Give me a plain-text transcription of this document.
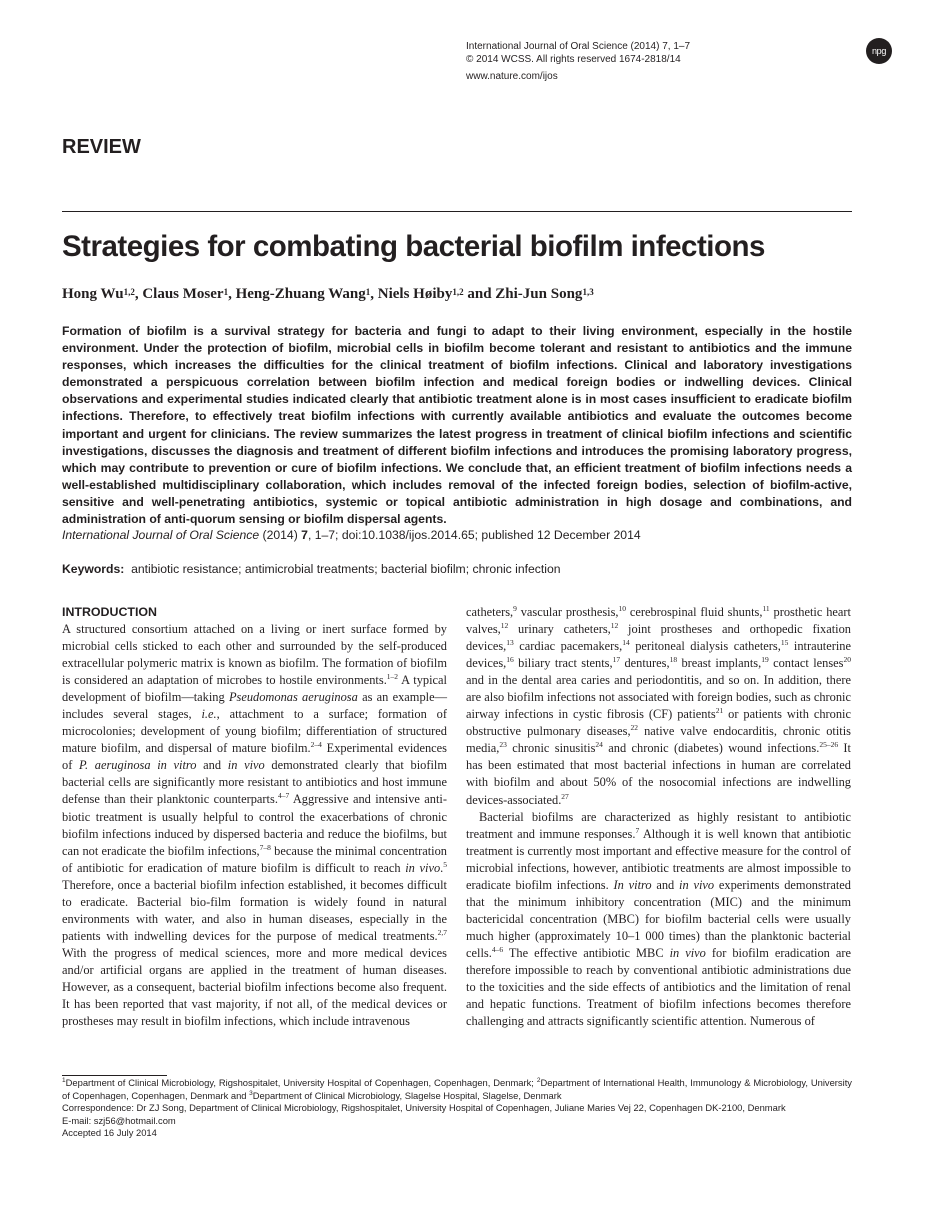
International Journal of Oral Science (2014) 7, 1–7
© 2014 WCSS. All rights reserved 1674-2818/14
www.nature.com/ijos
npg
REVIEW
Strategies for combating bacterial biofilm infections
Hong Wu$^{1,2}$, Claus Moser$^1$, Heng-Zhuang Wang$^1$, Niels Høiby$^{1,2}$ and Zhi-Jun Song$^{1,3}$
Formation of biofilm is a survival strategy for bacteria and fungi to adapt to their living environment, especially in the hostile environment. Under the protection of biofilm, microbial cells in biofilm become tolerant and resistant to antibiotics and the immune responses, which increases the difficulties for the clinical treatment of biofilm infections. Clinical and laboratory investigations demonstrated a perspicuous correlation between biofilm infection and medical foreign bodies or indwelling devices. Clinical observations and experimental studies indicated clearly that antibiotic treatment alone is in most cases insufficient to eradicate biofilm infections. Therefore, to effectively treat biofilm infections with currently available antibiotics and evaluate the outcomes become important and urgent for clinicians. The review summarizes the latest progress in treatment of clinical biofilm infections and scientific investigations, discusses the diagnosis and treatment of different biofilm infections and introduces the promising laboratory progress, which may contribute to prevention or cure of biofilm infections. We conclude that, an efficient treatment of biofilm infections needs a well-established multidisciplinary collaboration, which includes removal of the infected foreign bodies, selection of biofilm-active, sensitive and well-penetrating antibiotics, systemic or topical antibiotic administration in high dosage and combinations, and administration of anti-quorum sensing or biofilm dispersal agents.
International Journal of Oral Science (2014) 7, 1–7; doi:10.1038/ijos.2014.65; published 12 December 2014
Keywords: antibiotic resistance; antimicrobial treatments; bacterial biofilm; chronic infection
INTRODUCTION

A structured consortium attached on a living or inert surface formed by microbial cells sticked to each other and surrounded by the self-produced extracellular polymeric matrix is known as biofilm. The formation of biofilm is considered an adaptation of microbes to hostile environments.$^{1-2}$ A typical development of biofilm—taking Pseudomonas aeruginosa as an example—includes several stages, i.e., attachment to a surface; formation of microcolonies; development of young biofilm; differentiation of structured mature biofilm, and dispersal of mature biofilm.$^{2-4}$ Experimental evidences of P. aeruginosa in vitro and in vivo demonstrated clearly that biofilm bacterial cells are significantly more resistant to antibiotics and host immune defense than their planktonic counterparts.$^{4-7}$ Aggressive and intensive anti-biotic treatment is usually helpful to control the exacerbations of chronic biofilm infections induced by dispersed bacteria and reduce the biofilms, but can not eradicate the biofilm infections,$^{7-8}$ because the minimal concentration of antibiotic for eradication of mature biofilm is difficult to reach in vivo.$^5$ Therefore, once a bacterial biofilm infection established, it becomes difficult to eradicate. Bacterial bio-film formation is widely found in natural environments with water, and also in human diseases, especially in the patients with indwelling devices for the purpose of medical treatments.$^{2,7}$ With the progress of medical sciences, more and more medical devices and/or artificial organs are applied in the treatment of human diseases. However, as a consequent, bacterial biofilm infections become also frequent. It has been reported that vast majority, if not all, of the medical devices or prostheses may result in biofilm infections, which include intravenous

catheters,$^9$ vascular prosthesis,$^{10}$ cerebrospinal fluid shunts,$^{11}$ prosthetic heart valves,$^{12}$ urinary catheters,$^{12}$ joint prostheses and orthopedic fixation devices,$^{13}$ cardiac pacemakers,$^{14}$ peritoneal dialysis catheters,$^{15}$ intrauterine devices,$^{16}$ biliary tract stents,$^{17}$ dentures,$^{18}$ breast implants,$^{19}$ contact lenses$^{20}$ and in the dental area caries and periodontitis, and so on. In addition, there are also biofilm infections not associated with foreign bodies, such as chronic airway infections in cystic fibrosis (CF) patients$^{21}$ or patients with chronic obstructive pulmonary diseases,$^{22}$ native valve endocarditis, chronic otitis media,$^{23}$ chronic sinusitis$^{24}$ and chronic (diabetes) wound infections.$^{25-26}$ It has been estimated that most bacterial infections in human are correlated with biofilm and about 50% of the nosocomial infections are indwelling devices-associated.$^{27}$

Bacterial biofilms are characterized as highly resistant to antibiotic treatment and immune responses.$^7$ Although it is well known that antibiotic treatment is currently most important and effective measure for the control of microbial infections, however, antibiotic treatments are almost impossible to eradicate biofilm infections. In vitro and in vivo experiments demonstrated that the minimum inhibitory concentration (MIC) and the minimum bactericidal concentration (MBC) for biofilm bacterial cells were usually much higher (approximately 10–1 000 times) than the planktonic bacterial cells.$^{4-6}$ The effective antibiotic MBC in vivo for biofilm eradication are therefore impossible to reach by conventional antibiotic administrations due to the toxicities and the side effects of antibiotics and the limitation of renal and hepatic functions. Treatment of biofilm infections becomes therefore challenging and attracts significantly scientific attention. Numerous of

$^1$Department of Clinical Microbiology, Rigshospitalet, University Hospital of Copenhagen, Copenhagen, Denmark; $^2$Department of International Health, Immunology & Microbiology, University of Copenhagen, Copenhagen, Denmark and $^3$Department of Clinical Microbiology, Slagelse Hospital, Slagelse, Denmark
Correspondence: Dr ZJ Song, Department of Clinical Microbiology, Rigshospitalet, University Hospital of Copenhagen, Juliane Maries Vej 22, Copenhagen DK-2100, Denmark
E-mail: szj56@hotmail.com
Accepted 16 July 2014
